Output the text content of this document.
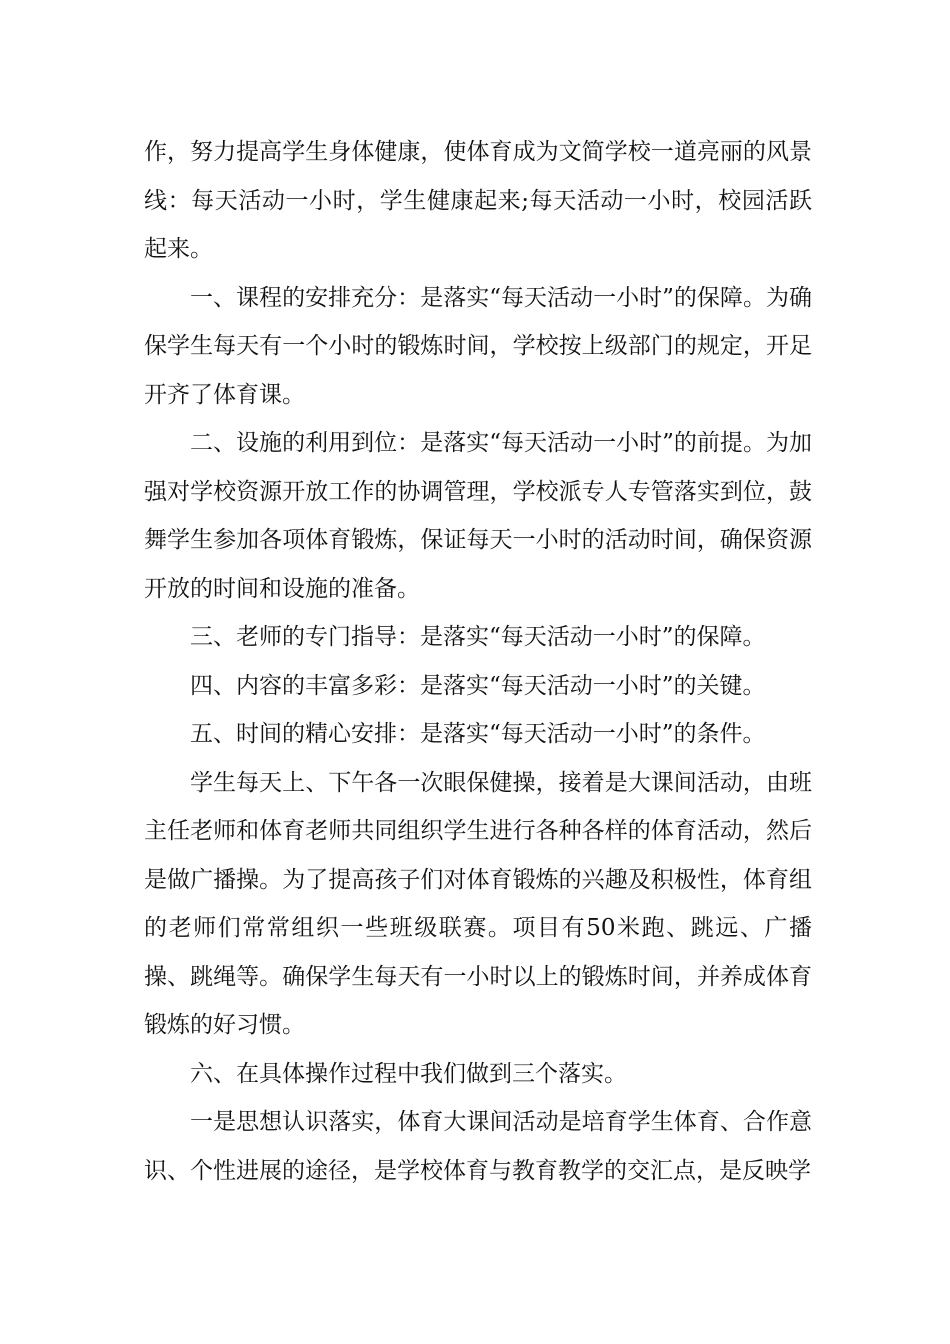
作，努力提高学生身体健康，使体育成为文简学校一道亮丽的风景线：每天活动一小时，学生健康起来;每天活动一小时，校园活跃起来。

一、课程的安排充分：是落实“每天活动一小时”的保障。为确保学生每天有一个小时的锻炼时间，学校按上级部门的规定，开足开齐了体育课。

二、设施的利用到位：是落实“每天活动一小时”的前提。为加强对学校资源开放工作的协调管理，学校派专人专管落实到位，鼓舞学生参加各项体育锻炼，保证每天一小时的活动时间，确保资源开放的时间和设施的准备。

三、老师的专门指导：是落实“每天活动一小时”的保障。

四、内容的丰富多彩：是落实“每天活动一小时”的关键。

五、时间的精心安排：是落实“每天活动一小时”的条件。

学生每天上、下午各一次眼保健操，接着是大课间活动，由班主任老师和体育老师共同组织学生进行各种各样的体育活动，然后是做广播操。为了提高孩子们对体育锻炼的兴趣及积极性，体育组的老师们常常组织一些班级联赛。项目有50米跑、跳远、广播操、跳绳等。确保学生每天有一小时以上的锻炼时间，并养成体育锻炼的好习惯。

六、在具体操作过程中我们做到三个落实。

一是思想认识落实，体育大课间活动是培育学生体育、合作意识、个性进展的途径，是学校体育与教育教学的交汇点，是反映学
